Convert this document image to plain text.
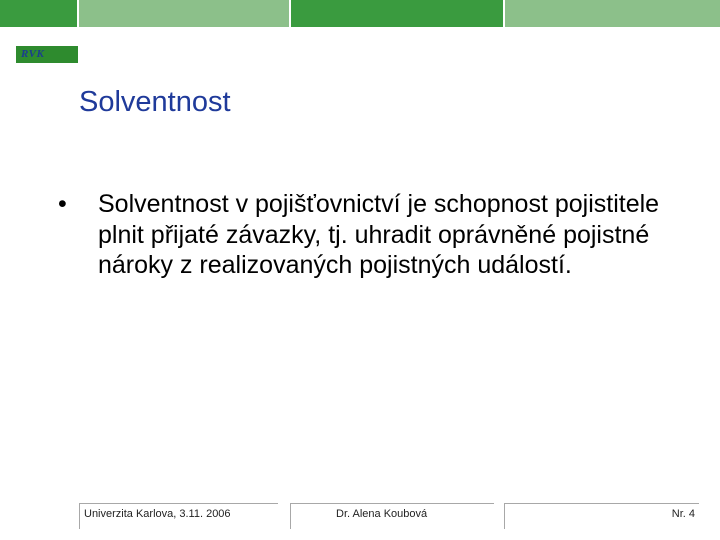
RVK
Solventnost
• Solventnost v pojišťovnictví je schopnost pojistitele plnit přijaté závazky, tj. uhradit oprávněné pojistné nároky z realizovaných pojistných událostí.
Univerzita Karlova, 3.11. 2006	Dr. Alena Koubová	Nr. 4
